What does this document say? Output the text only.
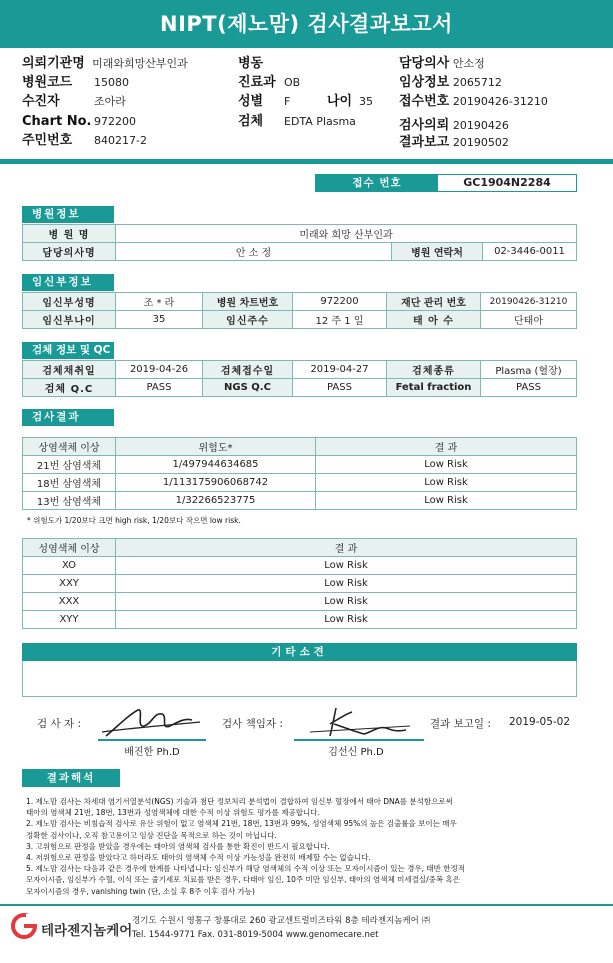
NIPT(제노맘) 검사결과보고서
의뢰기관명 미래와희망산부인과
병원코드 15080
수진자	조아라
Chart No. 972200
주민번호 840217-2
병동
진료과 OB
성별 F	나이 35
검체 EDTA Plasma
담당의사 안소정
임상정보 2065712
접수번호 20190426-31210
검사의뢰 20190426
결과보고 20190502
접수 번호	GC1904N2284
병원정보
병 원 명	미래와 희망 산부인과		
담당의사명	안 소 정	병원 연락처	02-3446-0011
임신부정보
임신부성명	조 * 라	병원 차트번호	972200	재단 관리 번호	20190426-31210
임신부나이	35	임신주수	12 주 1 일	태 아 수	단태아
검체 정보 및 QC
검체채취일	2019-04-26	검체접수일	2019-04-27	검체종류	Plasma (혈장)
검체 Q.C	PASS	NGS Q.C	PASS	Fetal fraction	PASS
검사결과
상염색체 이상	위험도*	결 과
21번 삼염색체	1/497944634685	Low Risk
18번 삼염색체	1/113175906068742	Low Risk
13번 삼염색체	1/32266523775	Low Risk
* 위험도가 1/20보다 크면 high risk, 1/20보다 작으면 low risk.
성염색체 이상	결 과
XO	Low Risk
XXY	Low Risk
XXX	Low Risk
XYY	Low Risk
기타소견
검 사 자 :
배진한 Ph.D
검사 책임자 :
김선신 Ph.D
결과 보고일 : 2019-05-02
결과해석
1. 제노맘 검사는 차세대 염기서열분석(NGS) 기술과 첨단 정보처리 분석법이 결합하여 임신부 혈장에서 태아 DNA를 분석함으로써
태아의 염색체 21번, 18번, 13번과 성염색체에 대한 수적 이상 위험도 평가를 제공합니다.
2. 제노맘 검사는 비침습적 검사로 유산 위험이 없고 염색체 21번, 18번, 13번과 99%, 성염색체 95%의 높은 검출률을 보이는 매우
정확한 검사이나, 오직 참고용이고 임상 진단을 목적으로 하는 것이 아닙니다.
3. 고위험으로 판정을 받았을 경우에는 태아의 염색체 검사를 통한 확진이 반드시 필요합니다.
4. 저위험으로 판정을 받았다고 하더라도 태아의 염색체 수적 이상 가능성을 완전히 배제할 수는 없습니다.
5. 제노맘 검사는 다음과 같은 경우에 한계를 나타냅니다: 임신부가 해당 염색체의 수적 이상 또는 모자이시즘이 있는 경우, 태반 한정적
모자이시즘, 임신부가 수혈, 이식 또는 줄기세포 치료를 받은 경우, 다태아 임신, 10주 미만 임신부, 태아의 염색체 미세결실/중복 혹은
모자이시즘의 경우, vanishing twin (단, 소실 후 8주 이후 검사 가능)
테라젠지놈케어
경기도 수원시 영통구 창룡대로 260 광교센트럴비즈타워 8층 테라젠지놈케어 ㈜
Tel. 1544-9771 Fax. 031-8019-5004 www.genomecare.net
